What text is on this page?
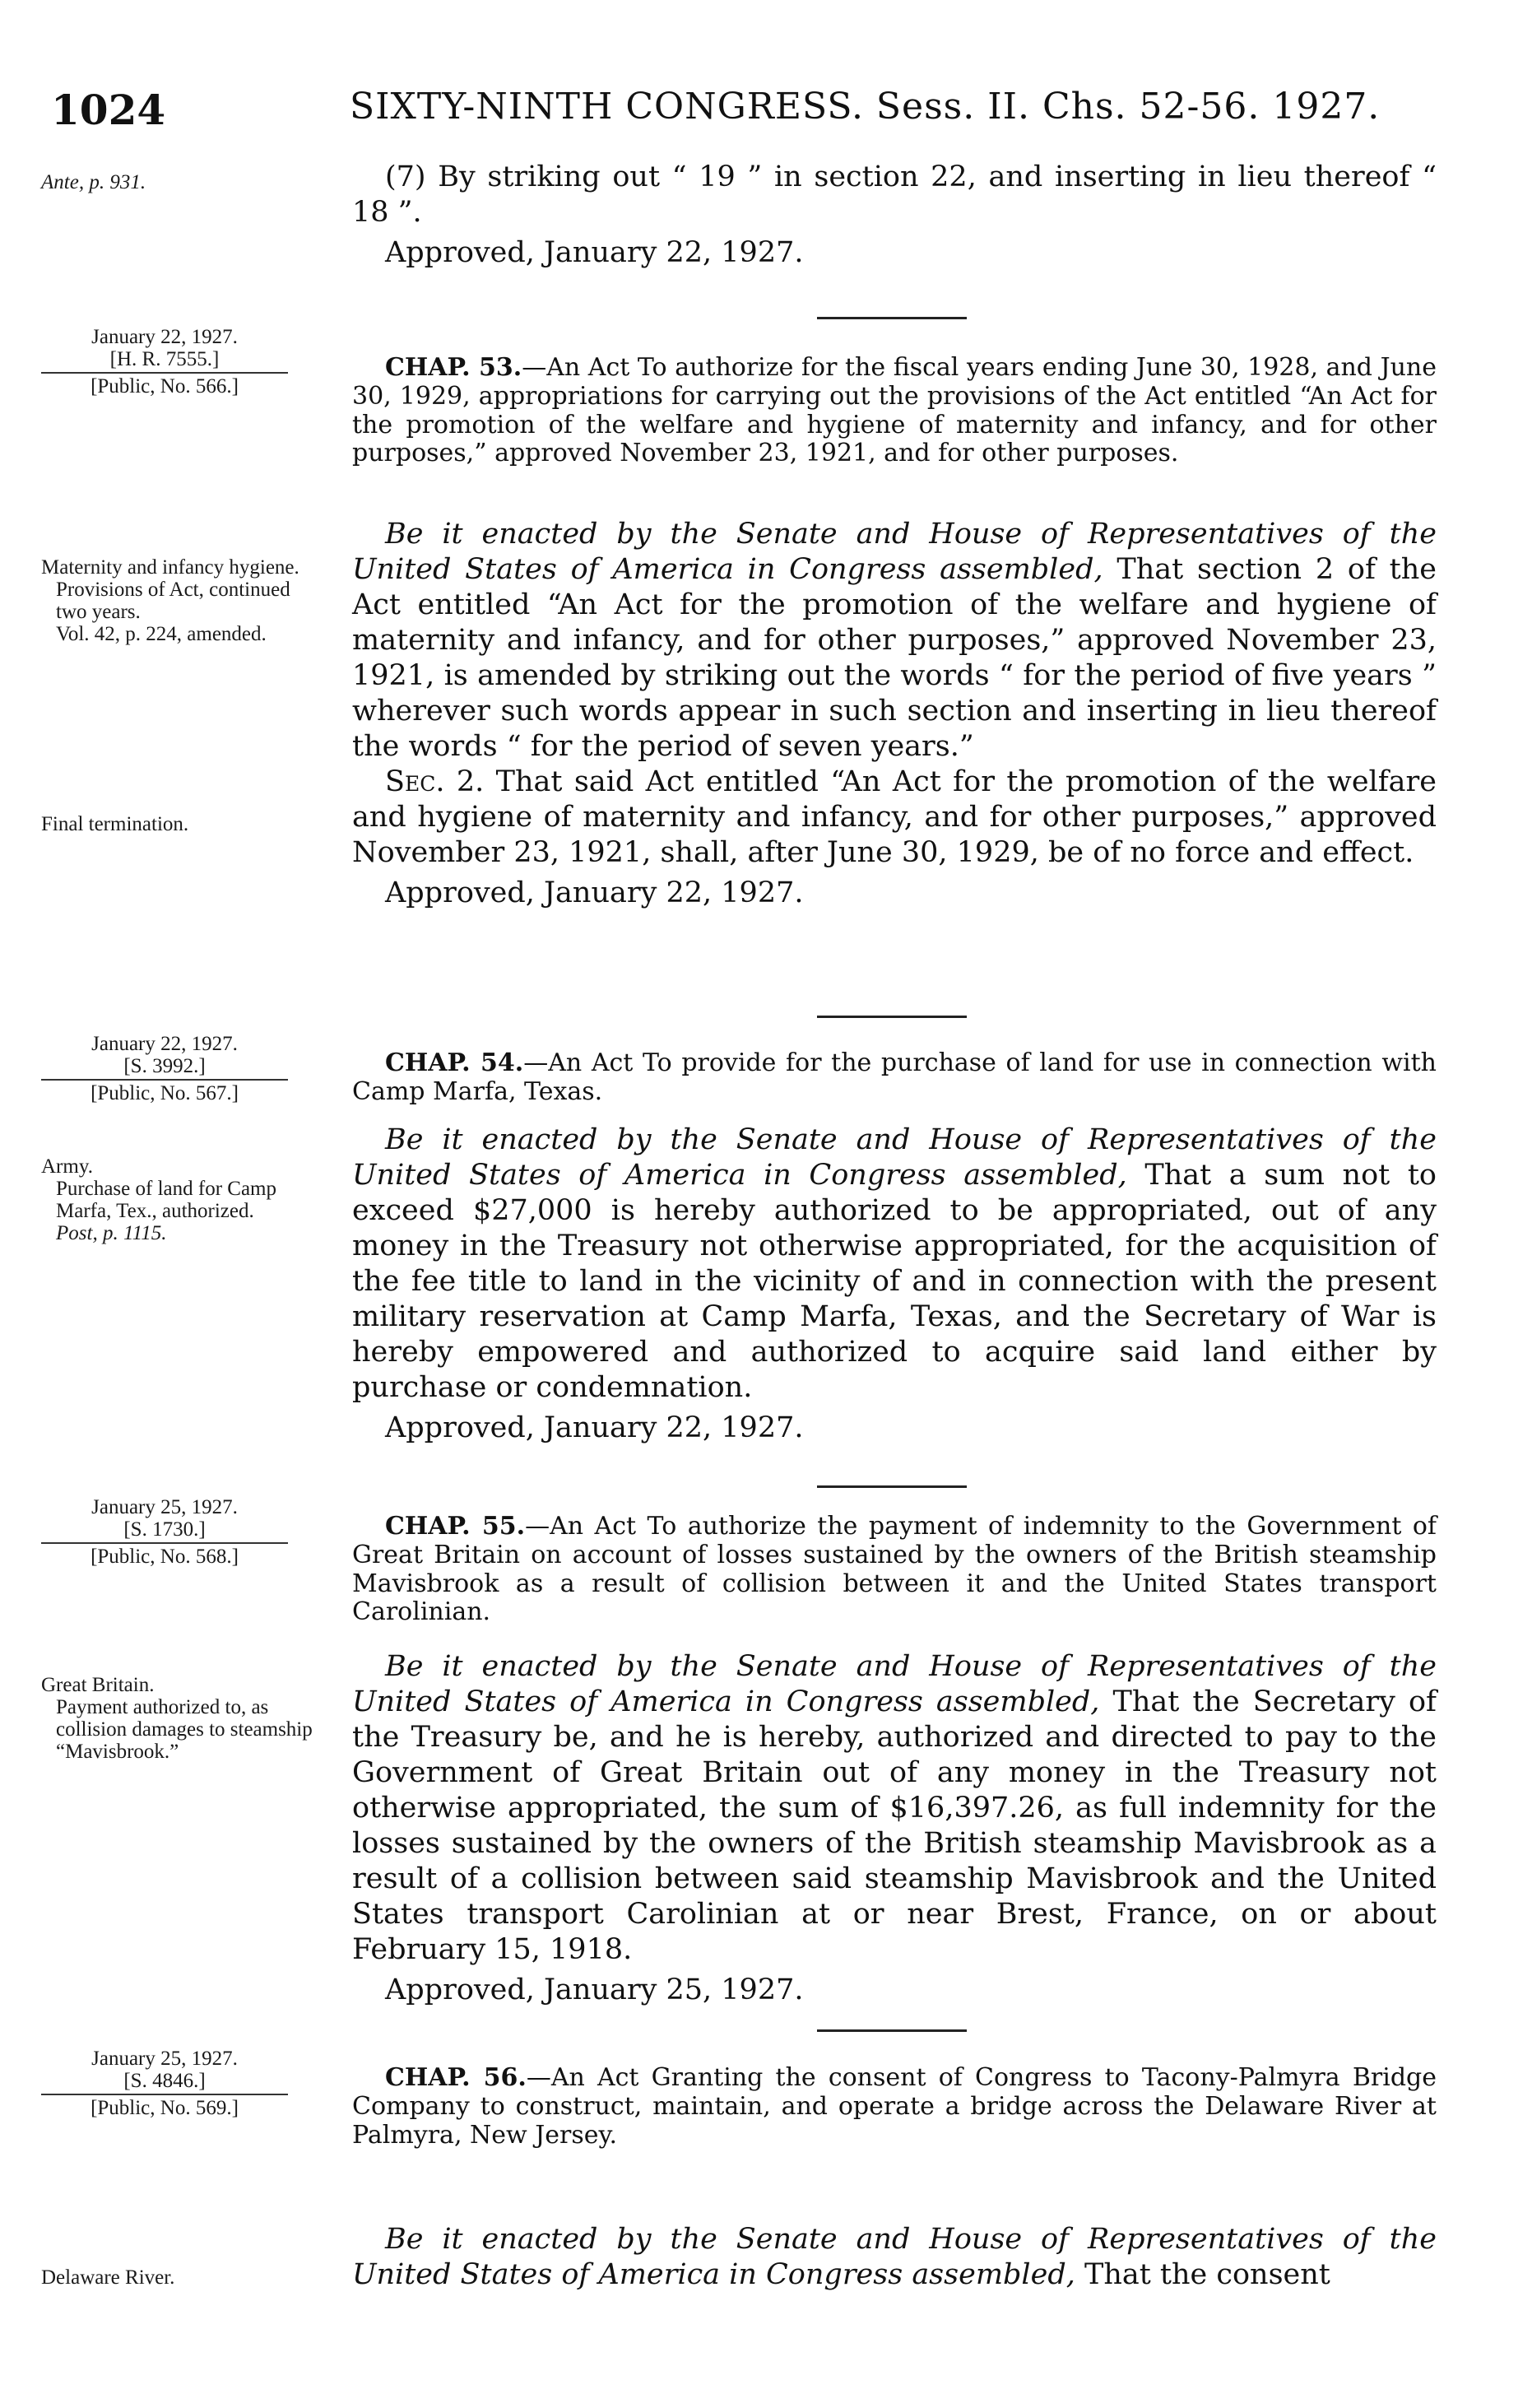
1024	SIXTY-NINTH CONGRESS. Sess. II. Chs. 52-56. 1927.
Ante, p. 931.	(7) By striking out “ 19 ” in section 22, and inserting in lieu thereof “ 18 ”.

Approved, January 22, 1927.

January 22, 1927.
[H. R. 7555.]
[Public, No. 566.]

CHAP. 53.—An Act To authorize for the fiscal years ending June 30, 1928, and June 30, 1929, appropriations for carrying out the provisions of the Act entitled “An Act for the promotion of the welfare and hygiene of maternity and infancy, and for other purposes,” approved November 23, 1921, and for other purposes.

Maternity and infancy hygiene.
Provisions of Act, continued two years.
Vol. 42, p. 224, amended.
Final termination.

Be it enacted by the Senate and House of Representatives of the United States of America in Congress assembled, That section 2 of the Act entitled “An Act for the promotion of the welfare and hygiene of maternity and infancy, and for other purposes,” approved November 23, 1921, is amended by striking out the words “ for the period of five years ” wherever such words appear in such section and inserting in lieu thereof the words “ for the period of seven years.”

Sec. 2. That said Act entitled “An Act for the promotion of the welfare and hygiene of maternity and infancy, and for other purposes,” approved November 23, 1921, shall, after June 30, 1929, be of no force and effect.

Approved, January 22, 1927.

January 22, 1927.
[S. 3992.]
[Public, No. 567.]

CHAP. 54.—An Act To provide for the purchase of land for use in connection with Camp Marfa, Texas.

Army.
Purchase of land for Camp Marfa, Tex., authorized.
Post, p. 1115.

Be it enacted by the Senate and House of Representatives of the United States of America in Congress assembled, That a sum not to exceed $27,000 is hereby authorized to be appropriated, out of any money in the Treasury not otherwise appropriated, for the acquisition of the fee title to land in the vicinity of and in connection with the present military reservation at Camp Marfa, Texas, and the Secretary of War is hereby empowered and authorized to acquire said land either by purchase or condemnation.

Approved, January 22, 1927.

January 25, 1927.
[S. 1730.]
[Public, No. 568.]

CHAP. 55.—An Act To authorize the payment of indemnity to the Government of Great Britain on account of losses sustained by the owners of the British steamship Mavisbrook as a result of collision between it and the United States transport Carolinian.

Great Britain.
Payment authorized to, as collision damages to steamship “Mavisbrook.”

Be it enacted by the Senate and House of Representatives of the United States of America in Congress assembled, That the Secretary of the Treasury be, and he is hereby, authorized and directed to pay to the Government of Great Britain out of any money in the Treasury not otherwise appropriated, the sum of $16,397.26, as full indemnity for the losses sustained by the owners of the British steamship Mavisbrook as a result of a collision between said steamship Mavisbrook and the United States transport Carolinian at or near Brest, France, on or about February 15, 1918.

Approved, January 25, 1927.

January 25, 1927.
[S. 4846.]
[Public, No. 569.]

CHAP. 56.—An Act Granting the consent of Congress to Tacony-Palmyra Bridge Company to construct, maintain, and operate a bridge across the Delaware River at Palmyra, New Jersey.

Delaware River.

Be it enacted by the Senate and House of Representatives of the United States of America in Congress assembled, That the consent
